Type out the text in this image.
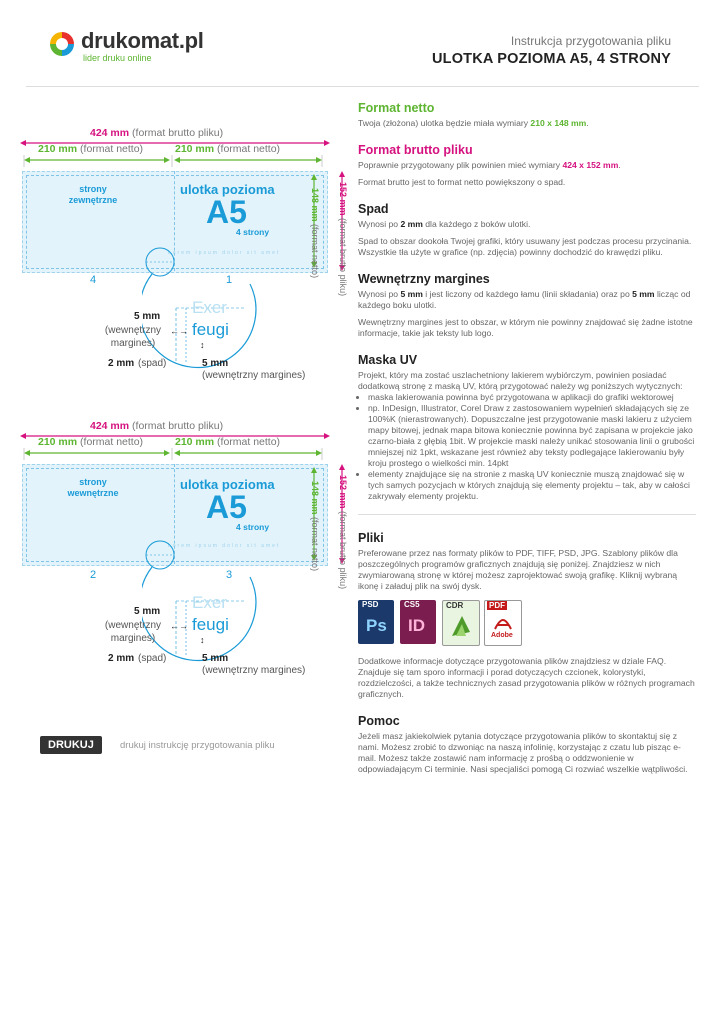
drukomat.pl
lider druku online
Instrukcja przygotowania pliku
ULOTKA POZIOMA A5, 4 STRONY
424 mm (format brutto pliku)
210 mm (format netto)	210 mm (format netto)
strony zewnętrzne
ulotka pozioma
A5
4 strony
Lorem ipsum dolor sit amet
148 mm (format netto)
152 mm (format brutto pliku)
4	1
Exer
feugi
5 mm
(wewnętrzny margines)
←→
↕
2 mm (spad)	5 mm
(wewnętrzny margines)
424 mm (format brutto pliku)
210 mm (format netto)	210 mm (format netto)
strony wewnętrzne
ulotka pozioma
A5
4 strony
Lorem ipsum dolor sit amet
148 mm (format netto)
152 mm (format brutto pliku)
2	3
Exer
feugi
5 mm
(wewnętrzny margines)
←→
↕
2 mm (spad)	5 mm
(wewnętrzny margines)
DRUKUJ	drukuj instrukcję przygotowania pliku
Format netto
Twoja (złożona) ulotka będzie miała wymiary 210 x 148 mm.
Format brutto pliku
Poprawnie przygotowany plik powinien mieć wymiary 424 x 152 mm.
Format brutto jest to format netto powiększony o spad.
Spad
Wynosi po 2 mm dla każdego z boków ulotki.
Spad to obszar dookoła Twojej grafiki, który usuwany jest podczas procesu przycinania. Wszystkie tła użyte w grafice (np. zdjęcia) powinny dochodzić do krawędzi pliku.
Wewnętrzny margines
Wynosi po 5 mm i jest liczony od każdego łamu (linii składania) oraz po 5 mm licząc od każdego boku ulotki.
Wewnętrzny margines jest to obszar, w którym nie powinny znajdować się żadne istotne informacje, takie jak teksty lub logo.
Maska UV
Projekt, który ma zostać uszlachetniony lakierem wybiórczym, powinien posiadać dodatkową stronę z maską UV, którą przygotować należy wg poniższych wytycznych:
• maska lakierowania powinna być przygotowana w aplikacji do grafiki wektorowej
• np. InDesign, Illustrator, Corel Draw z zastosowaniem wypełnień składających się ze 100%K (nierastrowanych). Dopuszczalne jest przygotowanie maski lakieru z użyciem mapy bitowej, jednak mapa bitowa koniecznie powinna być zapisana w projekcie jako czarno-biała z głębią 1bit. W projekcie maski należy unikać stosowania linii o grubości mniejszej niż 1pkt, wskazane jest również aby teksty podlegające lakierowaniu były kroju prostego o wielkości min. 14pkt
• elementy znajdujące się na stronie z maską UV koniecznie muszą znajdować się w tych samych pozycjach w których znajdują się elementy projektu – tak, aby w całości zakrywały elementy projektu.
Pliki
Preferowane przez nas formaty plików to PDF, TIFF, PSD, JPG. Szablony plików dla poszczególnych programów graficznych znajdują się poniżej. Znajdziesz w nich zwymiarowaną stronę w której możesz zaprojektować swoją grafikę. Kliknij wybraną ikonę i załaduj plik na swój dysk.
PSD
Ps
CS5
ID
CDR	PDF
Adobe
Dodatkowe informacje dotyczące przygotowania plików znajdziesz w dziale FAQ. Znajduje się tam sporo informacji i porad dotyczących czcionek, kolorystyki, rozdzielczości, a także technicznych zasad przygotowania plików w różnych programach graficznych.
Pomoc
Jeżeli masz jakiekolwiek pytania dotyczące przygotowania plików to skontaktuj się z nami. Możesz zrobić to dzwoniąc na naszą infolinię, korzystając z czatu lub pisząc e-mail. Możesz także zostawić nam informację z prośbą o oddzwonienie w odpowiadającym Ci terminie. Nasi specjaliści pomogą Ci rozwiać wszelkie wątpliwości.
